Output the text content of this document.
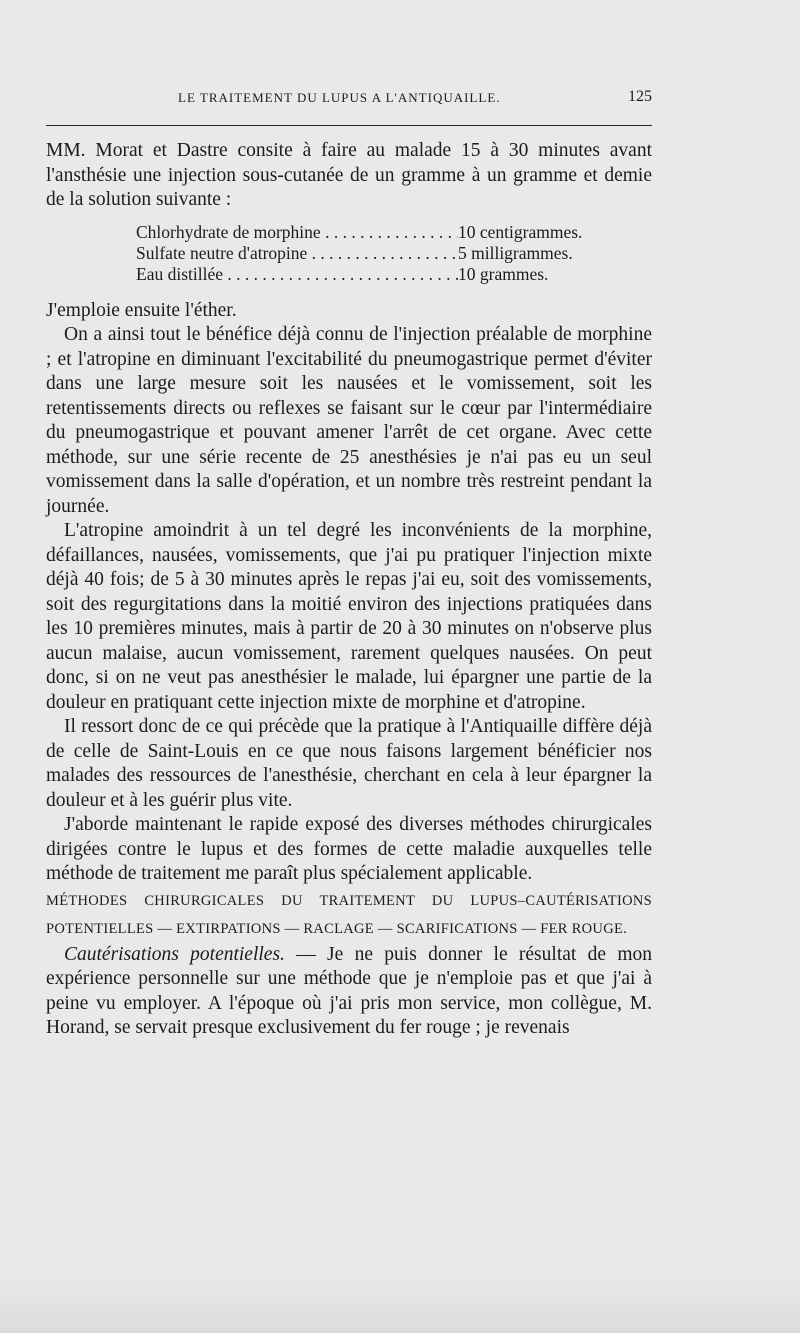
LE TRAITEMENT DU LUPUS A L'ANTIQUAILLE.	125

MM. Morat et Dastre consite à faire au malade 15 à 30 minutes avant l'ansthésie une injection sous-cutanée de un gramme à un gramme et demie de la solution suivante :

Chlorhydrate de morphine . . .	10 centigrammes.
Sulfate neutre d'atropine . . .	5 milligrammes.
Eau distillée . . .	10 grammes.

J'emploie ensuite l'éther.

On a ainsi tout le bénéfice déjà connu de l'injection préalable de morphine ; et l'atropine en diminuant l'excitabilité du pneumogastrique permet d'éviter dans une large mesure soit les nausées et le vomissement, soit les retentissements directs ou reflexes se faisant sur le cœur par l'intermédiaire du pneumogastrique et pouvant amener l'arrêt de cet organe. Avec cette méthode, sur une série recente de 25 anesthésies je n'ai pas eu un seul vomissement dans la salle d'opération, et un nombre très restreint pendant la journée.

L'atropine amoindrit à un tel degré les inconvénients de la morphine, défaillances, nausées, vomissements, que j'ai pu pratiquer l'injection mixte déjà 40 fois; de 5 à 30 minutes après le repas j'ai eu, soit des vomissements, soit des regurgitations dans la moitié environ des injections pratiquées dans les 10 premières minutes, mais à partir de 20 à 30 minutes on n'observe plus aucun malaise, aucun vomissement, rarement quelques nausées. On peut donc, si on ne veut pas anesthésier le malade, lui épargner une partie de la douleur en pratiquant cette injection mixte de morphine et d'atropine.

Il ressort donc de ce qui précède que la pratique à l'Antiquaille diffère déjà de celle de Saint-Louis en ce que nous faisons largement bénéficier nos malades des ressources de l'anesthésie, cherchant en cela à leur épargner la douleur et à les guérir plus vite.

J'aborde maintenant le rapide exposé des diverses méthodes chirurgicales dirigées contre le lupus et des formes de cette maladie auxquelles telle méthode de traitement me paraît plus spécialement applicable.

MÉTHODES CHIRURGICALES DU TRAITEMENT DU LUPUS–CAUTÉRISATIONS POTENTIELLES — EXTIRPATIONS — RACLAGE — SCARIFICATIONS — FER ROUGE.

Cautérisations potentielles. — Je ne puis donner le résultat de mon expérience personnelle sur une méthode que je n'emploie pas et que j'ai à peine vu employer. A l'époque où j'ai pris mon service, mon collègue, M. Horand, se servait presque exclusivement du fer rouge ; je revenais
